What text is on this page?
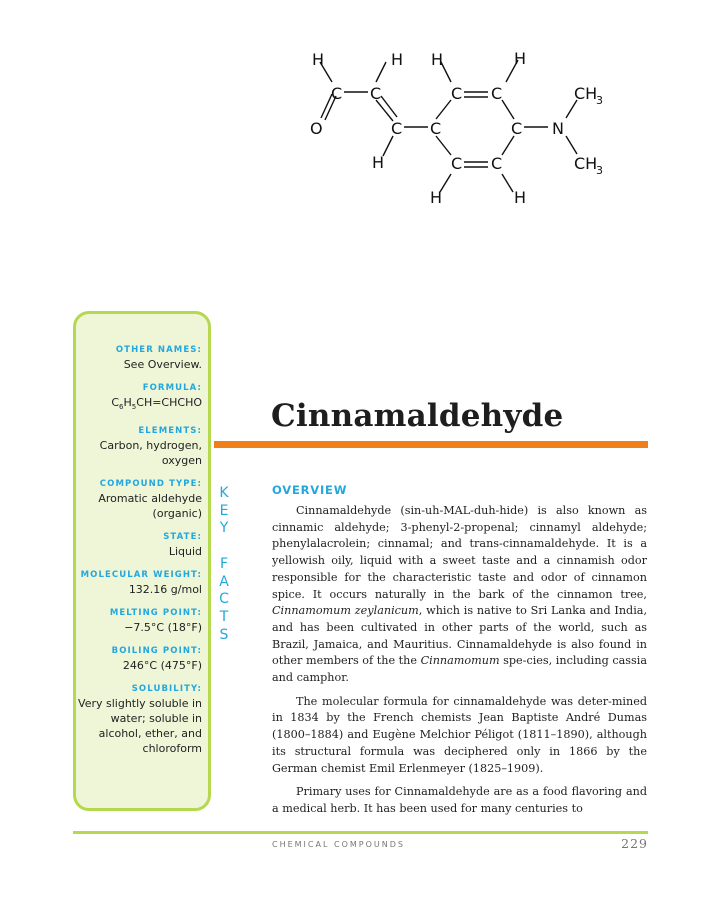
H	H H	H
C C	C C
O	C C	C N
CH
3
CH
3
H	C C
H	H

OTHER NAMES:

See Overview.

FORMULA:

$C_6H_5CH=CHCHO$

ELEMENTS:

Carbon, hydrogen, oxygen

COMPOUND TYPE:

Aromatic aldehyde (organic)

STATE:

Liquid

MOLECULAR WEIGHT:

132.16 g/mol

MELTING POINT:

−7.5°C (18°F)

BOILING POINT:

246°C (475°F)

SOLUBILITY:

Very slightly soluble in water; soluble in alcohol, ether, and chloroform

K
E
Y

F
A
C
T
S
Cinnamaldehyde
OVERVIEW

Cinnamaldehyde (sin-uh-MAL-duh-hide) is also known as cinnamic aldehyde; 3-phenyl-2-propenal; cinnamyl aldehyde; phenylalacrolein; cinnamal; and trans-cinnamaldehyde. It is a yellowish oily, liquid with a sweet taste and a cinnamish odor responsible for the characteristic taste and odor of cinnamon spice. It occurs naturally in the bark of the cinnamon tree, Cinnamomum zeylanicum, which is native to Sri Lanka and India, and has been cultivated in other parts of the world, such as Brazil, Jamaica, and Mauritius. Cinnamaldehyde is also found in other members of the the Cinnamomum spe-cies, including cassia and camphor.

The molecular formula for cinnamaldehyde was deter-mined in 1834 by the French chemists Jean Baptiste André Dumas (1800–1884) and Eugène Melchior Péligot (1811–1890), although its structural formula was deciphered only in 1866 by the German chemist Emil Erlenmeyer (1825–1909).

Primary uses for Cinnamaldehyde are as a food flavoring and a medical herb. It has been used for many centuries to

CHEMICAL COMPOUNDS	229
